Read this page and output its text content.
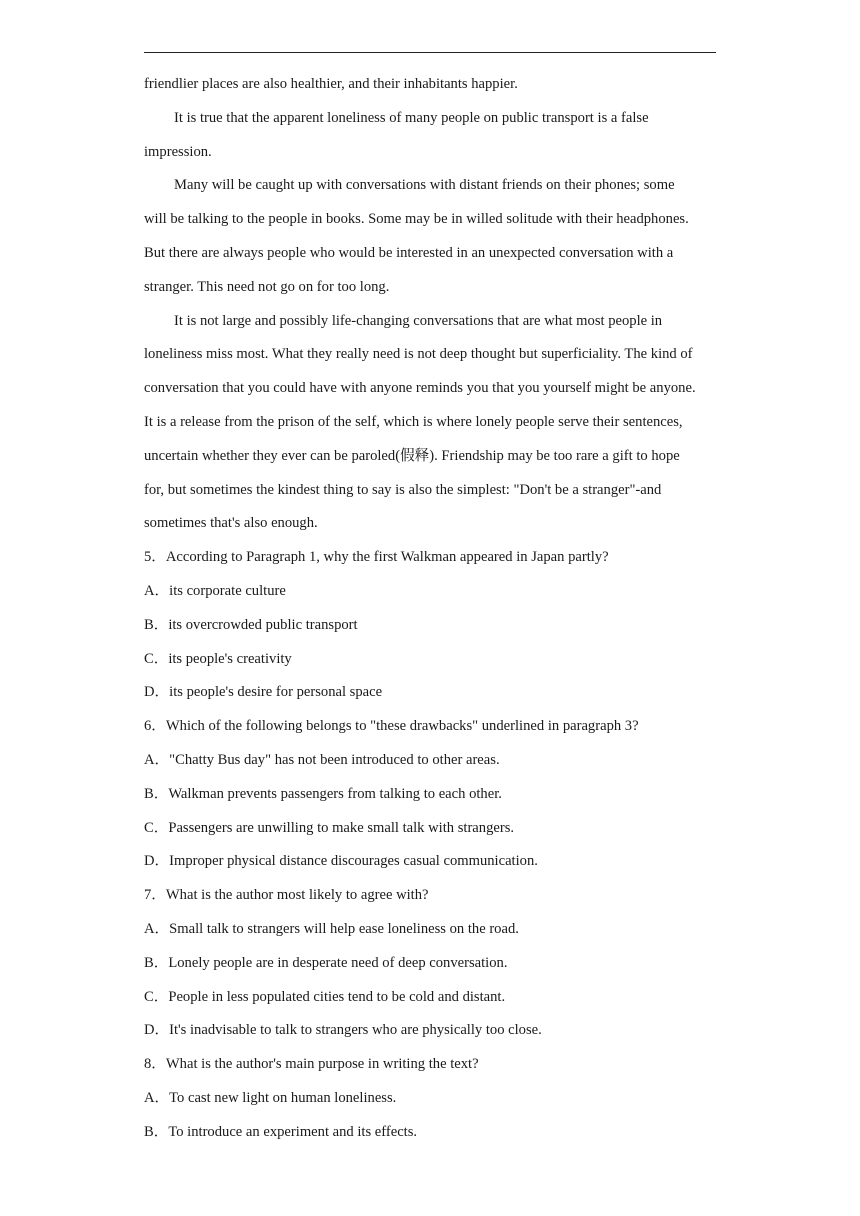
friendlier places are also healthier, and their inhabitants happier.

It is true that the apparent loneliness of many people on public transport is a false

impression.

Many will be caught up with conversations with distant friends on their phones; some

will be talking to the people in books. Some may be in willed solitude with their headphones.

But there are always people who would be interested in an unexpected conversation with a

stranger. This need not go on for too long.

It is not large and possibly life-changing conversations that are what most people in

loneliness miss most. What they really need is not deep thought but superficiality. The kind of

conversation that you could have with anyone reminds you that you yourself might be anyone.

It is a release from the prison of the self, which is where lonely people serve their sentences,

uncertain whether they ever can be paroled(假释). Friendship may be too rare a gift to hope

for, but sometimes the kindest thing to say is also the simplest: "Don't be a stranger"-and

sometimes that's also enough.

5．According to Paragraph 1, why the first Walkman appeared in Japan partly?

A．its corporate culture

B．its overcrowded public transport

C．its people's creativity

D．its people's desire for personal space

6．Which of the following belongs to "these drawbacks" underlined in paragraph 3?

A．"Chatty Bus day" has not been introduced to other areas.

B．Walkman prevents passengers from talking to each other.

C．Passengers are unwilling to make small talk with strangers.

D．Improper physical distance discourages casual communication.

7．What is the author most likely to agree with?

A．Small talk to strangers will help ease loneliness on the road.

B．Lonely people are in desperate need of deep conversation.

C．People in less populated cities tend to be cold and distant.

D．It's inadvisable to talk to strangers who are physically too close.

8．What is the author's main purpose in writing the text?

A．To cast new light on human loneliness.

B．To introduce an experiment and its effects.
